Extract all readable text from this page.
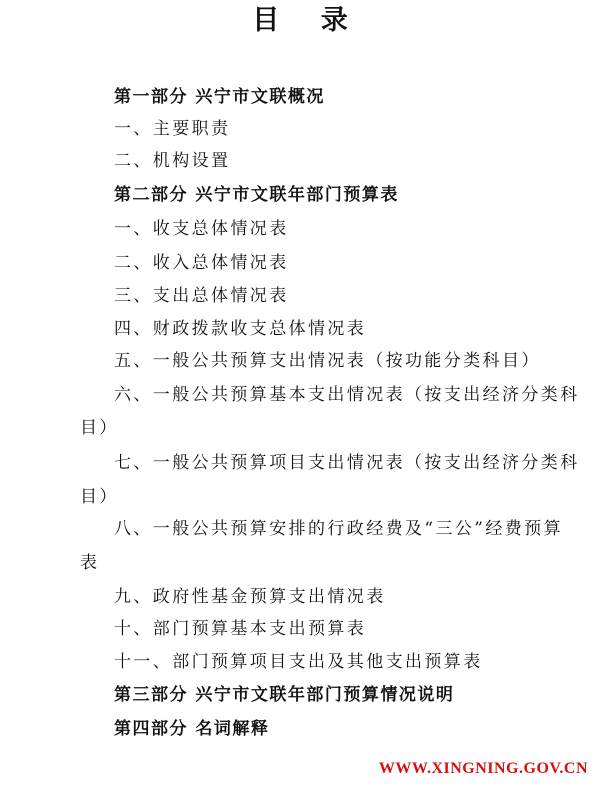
目 录
第一部分 兴宁市文联概况
一、主要职责
二、机构设置
第二部分 兴宁市文联年部门预算表
一、收支总体情况表
二、收入总体情况表
三、支出总体情况表
四、财政拨款收支总体情况表
五、一般公共预算支出情况表（按功能分类科目）
六、一般公共预算基本支出情况表（按支出经济分类科
目）
七、一般公共预算项目支出情况表（按支出经济分类科
目）
八、一般公共预算安排的行政经费及“三公”经费预算
表
九、政府性基金预算支出情况表
十、部门预算基本支出预算表
十一、部门预算项目支出及其他支出预算表
第三部分 兴宁市文联年部门预算情况说明
第四部分 名词解释
WWW.XINGNING.GOV.CN
